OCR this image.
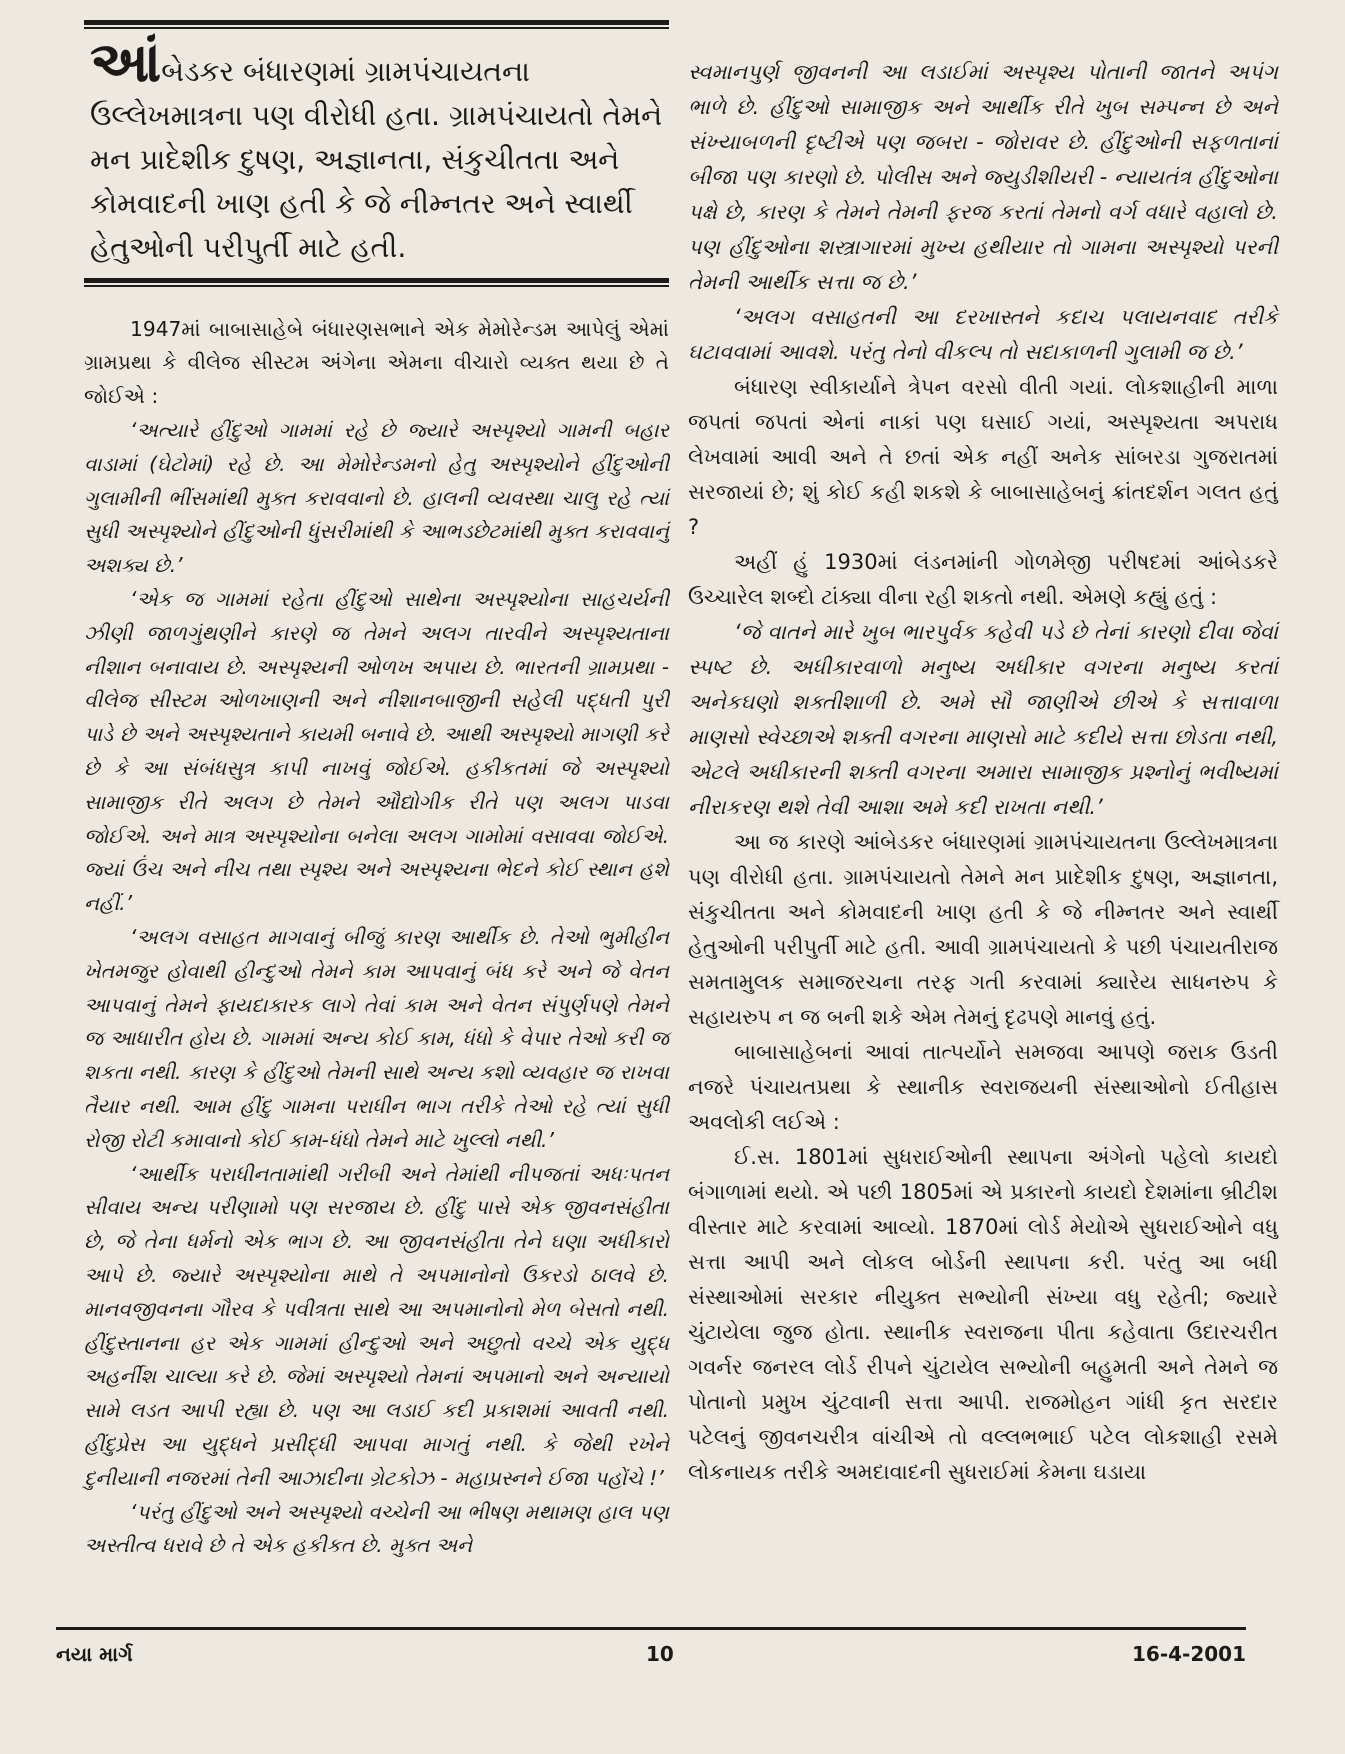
આંબેડકર બંધારણમાં ગ્રામપંચાયતના ઉલ્લેખમાત્રના પણ વીરોધી હતા. ગ્રામપંચાયતો તેમને મન પ્રાદેશીક દુષણ, અજ્ઞાનતા, સંકુચીતતા અને કોમવાદની ખાણ હતી કે જે નીમ્નતર અને સ્વાર્થી હેતુઓની પરીપુર્તી માટે હતી.

1947માં બાબાસાહેબે બંધારણસભાને એક મેમોરેન્ડમ આપેલું એમાં ગ્રામપ્રથા કે વીલેજ સીસ્ટમ અંગેના એમના વીચારો વ્યક્ત થયા છે તે જોઈએ :

‘અત્યારે હીંદુઓ ગામમાં રહે છે જ્યારે અસ્પૃશ્યો ગામની બહાર વાડામાં (ઘેટોમાં) રહે છે. આ મેમોરેન્ડમનો હેતુ અસ્પૃશ્યોને હીંદુઓની ગુલામીની ભીંસમાંથી મુક્ત કરાવવાનો છે. હાલની વ્યવસ્થા ચાલુ રહે ત્યાં સુધી અસ્પૃશ્યોને હીંદુઓની ધુંસરીમાંથી કે આભડછેટમાંથી મુક્ત કરાવવાનું અશક્ય છે.’

‘એક જ ગામમાં રહેતા હીંદુઓ સાથેના અસ્પૃશ્યોના સાહચર્યની ઝીણી જાળગુંથણીને કારણે જ તેમને અલગ તારવીને અસ્પૃશ્યતાના નીશાન બનાવાય છે. અસ્પૃશ્યની ઓળખ અપાય છે. ભારતની ગ્રામપ્રથા - વીલેજ સીસ્ટમ ઓળખાણની અને નીશાનબાજીની સહેલી પદ્ધતી પુરી પાડે છે અને અસ્પૃશ્યતાને કાયમી બનાવે છે. આથી અસ્પૃશ્યો માગણી કરે છે કે આ સંબંધસુત્ર કાપી નાખવું જોઈએ. હકીકતમાં જે અસ્પૃશ્યો સામાજીક રીતે અલગ છે તેમને ઔદ્યોગીક રીતે પણ અલગ પાડવા જોઈએ. અને માત્ર અસ્પૃશ્યોના બનેલા અલગ ગામોમાં વસાવવા જોઈએ. જ્યાં ઉંચ અને નીચ તથા સ્પૃશ્ય અને અસ્પૃશ્યના ભેદને કોઈ સ્થાન હશે નહીં.’

‘અલગ વસાહત માગવાનું બીજું કારણ આર્થીક છે. તેઓ ભુમીહીન ખેતમજુર હોવાથી હીન્દુઓ તેમને કામ આપવાનું બંધ કરે અને જે વેતન આપવાનું તેમને ફાયદાકારક લાગે તેવાં કામ અને વેતન સંપુર્ણપણે તેમને જ આધારીત હોય છે. ગામમાં અન્ય કોઈ કામ, ધંધો કે વેપાર તેઓ કરી જ શકતા નથી. કારણ કે હીંદુઓ તેમની સાથે અન્ય કશો વ્યવહાર જ રાખવા તૈયાર નથી. આમ હીંદુ ગામના પરાધીન ભાગ તરીકે તેઓ રહે ત્યાં સુધી રોજી રોટી કમાવાનો કોઈ કામ-ધંધો તેમને માટે ખુલ્લો નથી.’

‘આર્થીક પરાધીનતામાંથી ગરીબી અને તેમાંથી નીપજતાં અધઃપતન સીવાય અન્ય પરીણામો પણ સરજાય છે. હીંદુ પાસે એક જીવનસંહીતા છે, જે તેના ધર્મનો એક ભાગ છે. આ જીવનસંહીતા તેને ઘણા અધીકારો આપે છે. જ્યારે અસ્પૃશ્યોના માથે તે અપમાનોનો ઉકરડો ઠાલવે છે. માનવજીવનના ગૌરવ કે પવીત્રતા સાથે આ અપમાનોનો મેળ બેસતો નથી. હીંદુસ્તાનના હર એક ગામમાં હીન્દુઓ અને અછુતો વચ્ચે એક યુદ્ધ અહર્નીશ ચાલ્યા કરે છે. જેમાં અસ્પૃશ્યો તેમનાં અપમાનો અને અન્યાયો સામે લડત આપી રહ્યા છે. પણ આ લડાઈ કદી પ્રકાશમાં આવતી નથી. હીંદુપ્રેસ આ યુદ્ધને પ્રસીદ્ધી આપવા માગતું નથી. કે જેથી રખેને દુનીયાની નજરમાં તેની આઝાદીના ગ્રેટકોઝ - મહાપ્રસ્નને ઈજા પહોંચે !’

‘પરંતુ હીંદુઓ અને અસ્પૃશ્યો વચ્ચેની આ ભીષણ મથામણ હાલ પણ અસ્તીત્વ ધરાવે છે તે એક હકીકત છે. મુક્ત અને

સ્વમાનપુર્ણ જીવનની આ લડાઈમાં અસ્પૃશ્ય પોતાની જાતને અપંગ ભાળે છે. હીંદુઓ સામાજીક અને આર્થીક રીતે ખુબ સમ્પન્ન છે અને સંખ્યાબળની દૃષ્ટીએ પણ જબરા - જોરાવર છે. હીંદુઓની સફળતાનાં બીજા પણ કારણો છે. પોલીસ અને જ્યુડીશીયરી - ન્યાયતંત્ર હીંદુઓના પક્ષે છે, કારણ કે તેમને તેમની ફરજ કરતાં તેમનો વર્ગ વધારે વહાલો છે. પણ હીંદુઓના શસ્ત્રાગારમાં મુખ્ય હથીયાર તો ગામના અસ્પૃશ્યો પરની તેમની આર્થીક સત્તા જ છે.’

‘અલગ વસાહતની આ દરખાસ્તને કદાચ પલાયનવાદ તરીકે ઘટાવવામાં આવશે. પરંતુ તેનો વીકલ્પ તો સદાકાળની ગુલામી જ છે.’

બંધારણ સ્વીકાર્યાને ત્રેપન વરસો વીતી ગયાં. લોકશાહીની માળા જપતાં જપતાં એનાં નાકાં પણ ઘસાઈ ગયાં, અસ્પૃશ્યતા અપરાધ લેખવામાં આવી અને તે છતાં એક નહીં અનેક સાંબરડા ગુજરાતમાં સરજાયાં છે; શું કોઈ કહી શકશે કે બાબાસાહેબનું ક્રાંતદર્શન ગલત હતું ?

અહીં હું 1930માં લંડનમાંની ગોળમેજી પરીષદમાં આંબેડકરે ઉચ્ચારેલ શબ્દો ટાંક્યા વીના રહી શકતો નથી. એમણે કહ્યું હતું :

‘જે વાતને મારે ખુબ ભારપુર્વક કહેવી પડે છે તેનાં કારણો દીવા જેવાં સ્પષ્ટ છે. અધીકારવાળો મનુષ્ય અધીકાર વગરના મનુષ્ય કરતાં અનેકઘણો શક્તીશાળી છે. અમે સૌ જાણીએ છીએ કે સત્તાવાળા માણસો સ્વેચ્છાએ શક્તી વગરના માણસો માટે કદીયે સત્તા છોડતા નથી, એટલે અધીકારની શક્તી વગરના અમારા સામાજીક પ્રશ્નોનું ભવીષ્યમાં નીરાકરણ થશે તેવી આશા અમે કદી રાખતા નથી.’

આ જ કારણે આંબેડકર બંધારણમાં ગ્રામપંચાયતના ઉલ્લેખમાત્રના પણ વીરોધી હતા. ગ્રામપંચાયતો તેમને મન પ્રાદેશીક દુષણ, અજ્ઞાનતા, સંકુચીતતા અને કોમવાદની ખાણ હતી કે જે નીમ્નતર અને સ્વાર્થી હેતુઓની પરીપુર્તી માટે હતી. આવી ગ્રામપંચાયતો કે પછી પંચાયતીરાજ સમતામુલક સમાજરચના તરફ ગતી કરવામાં ક્યારેય સાધનરુપ કે સહાયરુપ ન જ બની શકે એમ તેમનું દૃઢપણે માનવું હતું.

બાબાસાહેબનાં આવાં તાત્પર્યોને સમજવા આપણે જરાક ઉડતી નજરે પંચાયતપ્રથા કે સ્થાનીક સ્વરાજયની સંસ્થાઓનો ઈતીહાસ અવલોકી લઈએ :

ઈ.સ. 1801માં સુધરાઈઓની સ્થાપના અંગેનો પહેલો કાયદો બંગાળામાં થયો. એ પછી 1805માં એ પ્રકારનો કાયદો દેશમાંના બ્રીટીશ વીસ્તાર માટે કરવામાં આવ્યો. 1870માં લોર્ડ મેયોએ સુધરાઈઓને વધુ સત્તા આપી અને લોકલ બોર્ડની સ્થાપના કરી. પરંતુ આ બધી સંસ્થાઓમાં સરકાર નીયુક્ત સભ્યોની સંખ્યા વધુ રહેતી; જ્યારે ચુંટાયેલા જુજ હોતા. સ્થાનીક સ્વરાજના પીતા કહેવાતા ઉદારચરીત ગવર્નર જનરલ લોર્ડ રીપને ચુંટાયેલ સભ્યોની બહુમતી અને તેમને જ પોતાનો પ્રમુખ ચુંટવાની સત્તા આપી. રાજમોહન ગાંધી કૃત સરદાર પટેલનું જીવનચરીત્ર વાંચીએ તો વલ્લભભાઈ પટેલ લોકશાહી રસમે લોકનાયક તરીકે અમદાવાદની સુધરાઈમાં કેમના ઘડાયા

નયા માર્ગ	10	16-4-2001
